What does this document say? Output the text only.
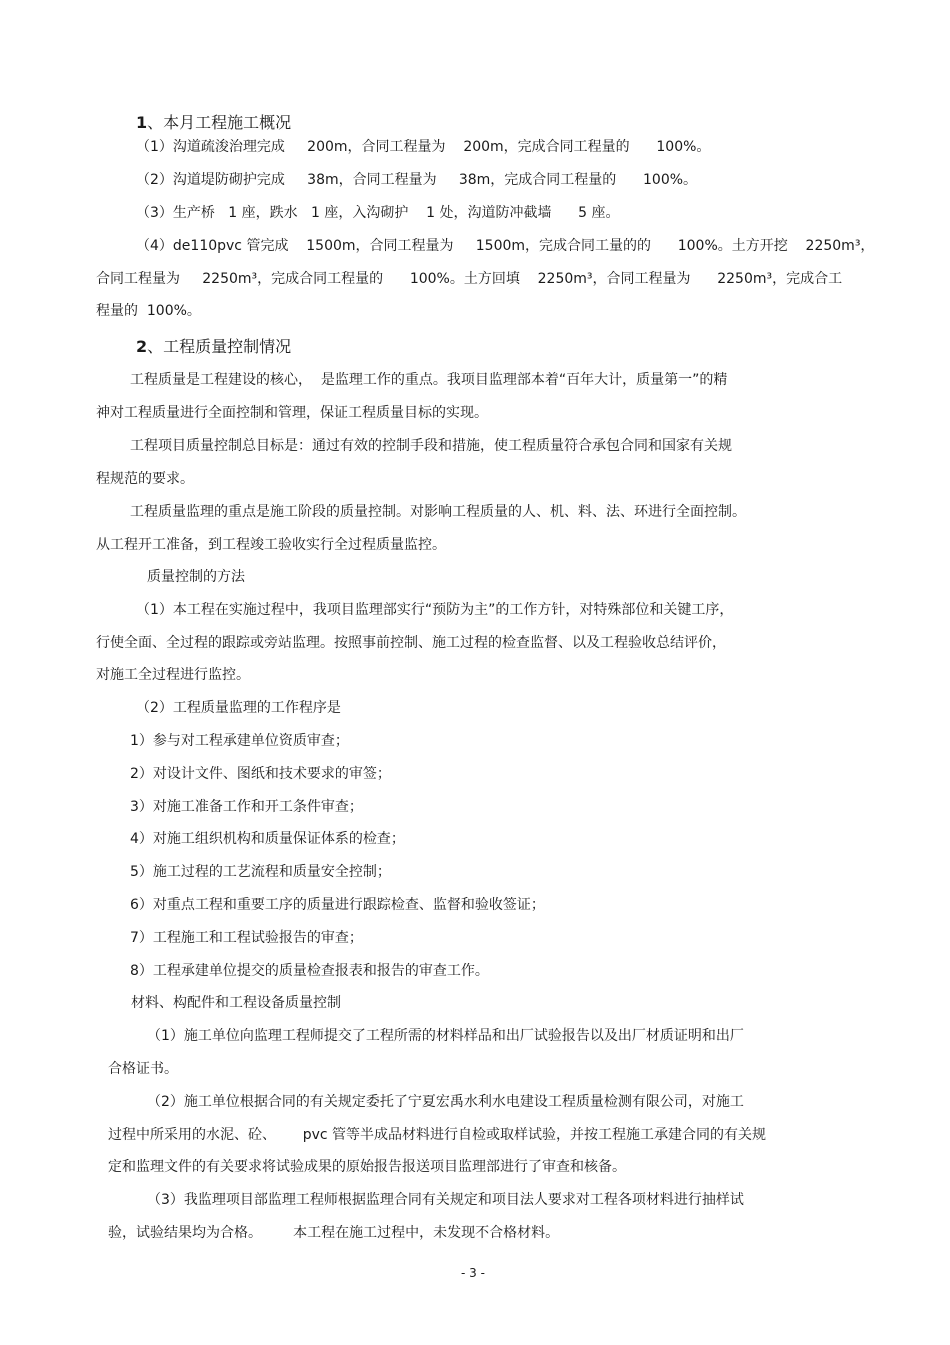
1、本月工程施工概况
（1）沟道疏浚治理完成     200m，合同工程量为    200m，完成合同工程量的      100%。
（2）沟道堤防砌护完成     38m，合同工程量为     38m，完成合同工程量的      100%。
（3）生产桥   1 座，跌水   1 座，入沟砌护    1 处，沟道防冲截墙      5 座。
（4）de110pvc 管完成    1500m，合同工程量为     1500m，完成合同工量的的      100%。土方开挖    2250m³，
合同工程量为     2250m³，完成合同工程量的      100%。土方回填    2250m³，合同工程量为      2250m³，完成合工
程量的  100%。
2、工程质量控制情况
工程质量是工程建设的核心，  是监理工作的重点。我项目监理部本着“百年大计，质量第一”的精
神对工程质量进行全面控制和管理，保证工程质量目标的实现。
工程项目质量控制总目标是：通过有效的控制手段和措施，使工程质量符合承包合同和国家有关规
程规范的要求。
工程质量监理的重点是施工阶段的质量控制。对影响工程质量的人、机、料、法、环进行全面控制。
从工程开工准备，到工程竣工验收实行全过程质量监控。
质量控制的方法
（1）本工程在实施过程中，我项目监理部实行“预防为主”的工作方针，对特殊部位和关键工序，
行使全面、全过程的跟踪或旁站监理。按照事前控制、施工过程的检查监督、以及工程验收总结评价，
对施工全过程进行监控。
（2）工程质量监理的工作程序是
1）参与对工程承建单位资质审查；
2）对设计文件、图纸和技术要求的审签；
3）对施工准备工作和开工条件审查；
4）对施工组织机构和质量保证体系的检查；
5）施工过程的工艺流程和质量安全控制；
6）对重点工程和重要工序的质量进行跟踪检查、监督和验收签证；
7）工程施工和工程试验报告的审查；
8）工程承建单位提交的质量检查报表和报告的审查工作。
材料、构配件和工程设备质量控制
（1）施工单位向监理工程师提交了工程所需的材料样品和出厂试验报告以及出厂材质证明和出厂
合格证书。
（2）施工单位根据合同的有关规定委托了宁夏宏禹水利水电建设工程质量检测有限公司，对施工
过程中所采用的水泥、砼、      pvc 管等半成品材料进行自检或取样试验，并按工程施工承建合同的有关规
定和监理文件的有关要求将试验成果的原始报告报送项目监理部进行了审查和核备。
（3）我监理项目部监理工程师根据监理合同有关规定和项目法人要求对工程各项材料进行抽样试
验，试验结果均为合格。       本工程在施工过程中，未发现不合格材料。
- 3 -
